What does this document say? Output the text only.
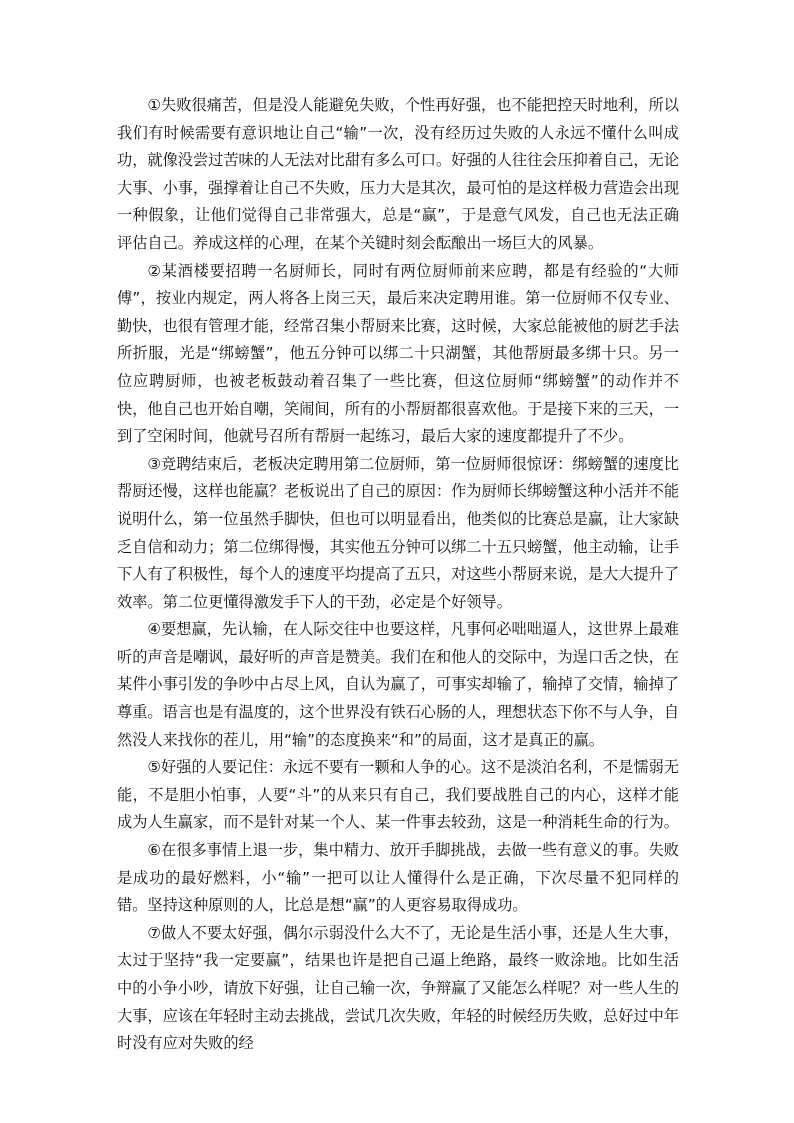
①失败很痛苦，但是没人能避免失败，个性再好强，也不能把控天时地利，所以我们有时候需要有意识地让自己“输”一次，没有经历过失败的人永远不懂什么叫成功，就像没尝过苦味的人无法对比甜有多么可口。好强的人往往会压抑着自己，无论大事、小事，强撑着让自己不失败，压力大是其次，最可怕的是这样极力营造会出现一种假象，让他们觉得自己非常强大，总是“赢”，于是意气风发，自己也无法正确评估自己。养成这样的心理，在某个关键时刻会酝酿出一场巨大的风暴。

②某酒楼要招聘一名厨师长，同时有两位厨师前来应聘，都是有经验的“大师傅”，按业内规定，两人将各上岗三天，最后来决定聘用谁。第一位厨师不仅专业、勤快，也很有管理才能，经常召集小帮厨来比赛，这时候，大家总能被他的厨艺手法所折服，光是“绑螃蟹”，他五分钟可以绑二十只湖蟹，其他帮厨最多绑十只。另一位应聘厨师，也被老板鼓动着召集了一些比赛，但这位厨师“绑螃蟹”的动作并不快，他自己也开始自嘲，笑闹间，所有的小帮厨都很喜欢他。于是接下来的三天，一到了空闲时间，他就号召所有帮厨一起练习，最后大家的速度都提升了不少。

③竞聘结束后，老板决定聘用第二位厨师，第一位厨师很惊讶：绑螃蟹的速度比帮厨还慢，这样也能赢？老板说出了自己的原因：作为厨师长绑螃蟹这种小活并不能说明什么，第一位虽然手脚快，但也可以明显看出，他类似的比赛总是赢，让大家缺乏自信和动力；第二位绑得慢，其实他五分钟可以绑二十五只螃蟹，他主动输，让手下人有了积极性，每个人的速度平均提高了五只，对这些小帮厨来说，是大大提升了效率。第二位更懂得激发手下人的干劲，必定是个好领导。

④要想赢，先认输，在人际交往中也要这样，凡事何必咄咄逼人，这世界上最难听的声音是嘲讽，最好听的声音是赞美。我们在和他人的交际中，为逞口舌之快，在某件小事引发的争吵中占尽上风，自认为赢了，可事实却输了，输掉了交情，输掉了尊重。语言也是有温度的，这个世界没有铁石心肠的人，理想状态下你不与人争，自然没人来找你的茬儿，用“输”的态度换来“和”的局面，这才是真正的赢。

⑤好强的人要记住：永远不要有一颗和人争的心。这不是淡泊名利，不是懦弱无能，不是胆小怕事，人要“斗”的从来只有自己，我们要战胜自己的内心，这样才能成为人生赢家，而不是针对某一个人、某一件事去较劲，这是一种消耗生命的行为。

⑥在很多事情上退一步，集中精力、放开手脚挑战，去做一些有意义的事。失败是成功的最好燃料，小“输”一把可以让人懂得什么是正确，下次尽量不犯同样的错。坚持这种原则的人，比总是想“赢”的人更容易取得成功。

⑦做人不要太好强，偶尔示弱没什么大不了，无论是生活小事，还是人生大事，太过于坚持“我一定要赢”，结果也许是把自己逼上绝路，最终一败涂地。比如生活中的小争小吵，请放下好强，让自己输一次，争辩赢了又能怎么样呢？对一些人生的大事，应该在年轻时主动去挑战，尝试几次失败，年轻的时候经历失败，总好过中年时没有应对失败的经
